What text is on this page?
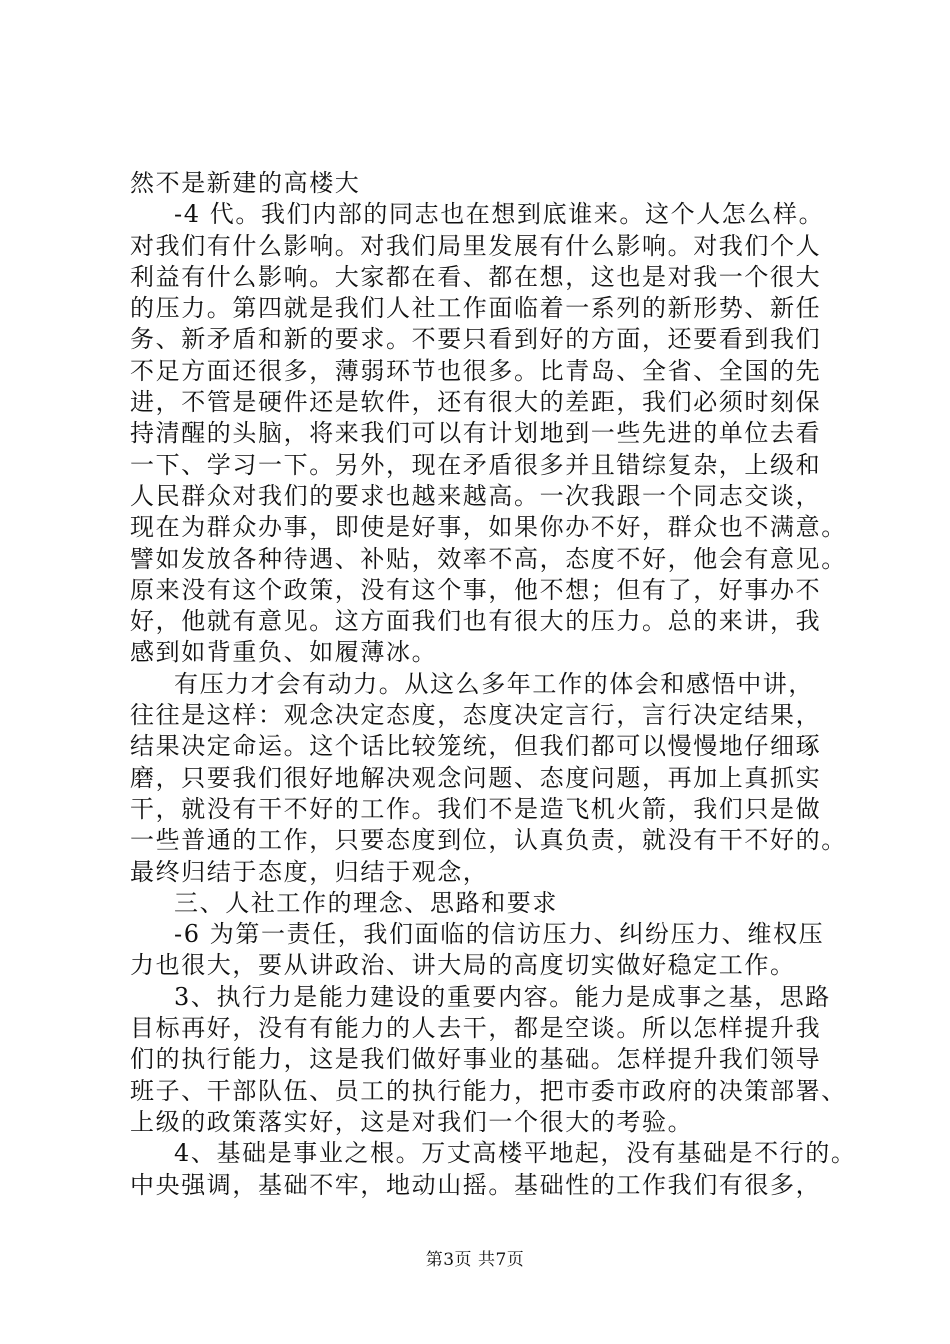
然不是新建的高楼大
-4 代。我们内部的同志也在想到底谁来。这个人怎么样。
对我们有什么影响。对我们局里发展有什么影响。对我们个人
利益有什么影响。大家都在看、都在想，这也是对我一个很大
的压力。第四就是我们人社工作面临着一系列的新形势、新任
务、新矛盾和新的要求。不要只看到好的方面，还要看到我们
不足方面还很多，薄弱环节也很多。比青岛、全省、全国的先
进，不管是硬件还是软件，还有很大的差距，我们必须时刻保
持清醒的头脑，将来我们可以有计划地到一些先进的单位去看
一下、学习一下。另外，现在矛盾很多并且错综复杂，上级和
人民群众对我们的要求也越来越高。一次我跟一个同志交谈，
现在为群众办事，即使是好事，如果你办不好，群众也不满意。
譬如发放各种待遇、补贴，效率不高，态度不好，他会有意见。
原来没有这个政策，没有这个事，他不想；但有了，好事办不
好，他就有意见。这方面我们也有很大的压力。总的来讲，我
感到如背重负、如履薄冰。
有压力才会有动力。从这么多年工作的体会和感悟中讲，
往往是这样：观念决定态度，态度决定言行，言行决定结果，
结果决定命运。这个话比较笼统，但我们都可以慢慢地仔细琢
磨，只要我们很好地解决观念问题、态度问题，再加上真抓实
干，就没有干不好的工作。我们不是造飞机火箭，我们只是做
一些普通的工作，只要态度到位，认真负责，就没有干不好的。
最终归结于态度，归结于观念，
三、人社工作的理念、思路和要求
-6 为第一责任，我们面临的信访压力、纠纷压力、维权压
力也很大，要从讲政治、讲大局的高度切实做好稳定工作。
3、执行力是能力建设的重要内容。能力是成事之基，思路
目标再好，没有有能力的人去干，都是空谈。所以怎样提升我
们的执行能力，这是我们做好事业的基础。怎样提升我们领导
班子、干部队伍、员工的执行能力，把市委市政府的决策部署、
上级的政策落实好，这是对我们一个很大的考验。
4、基础是事业之根。万丈高楼平地起，没有基础是不行的。
中央强调，基础不牢，地动山摇。基础性的工作我们有很多，
第3页 共7页
